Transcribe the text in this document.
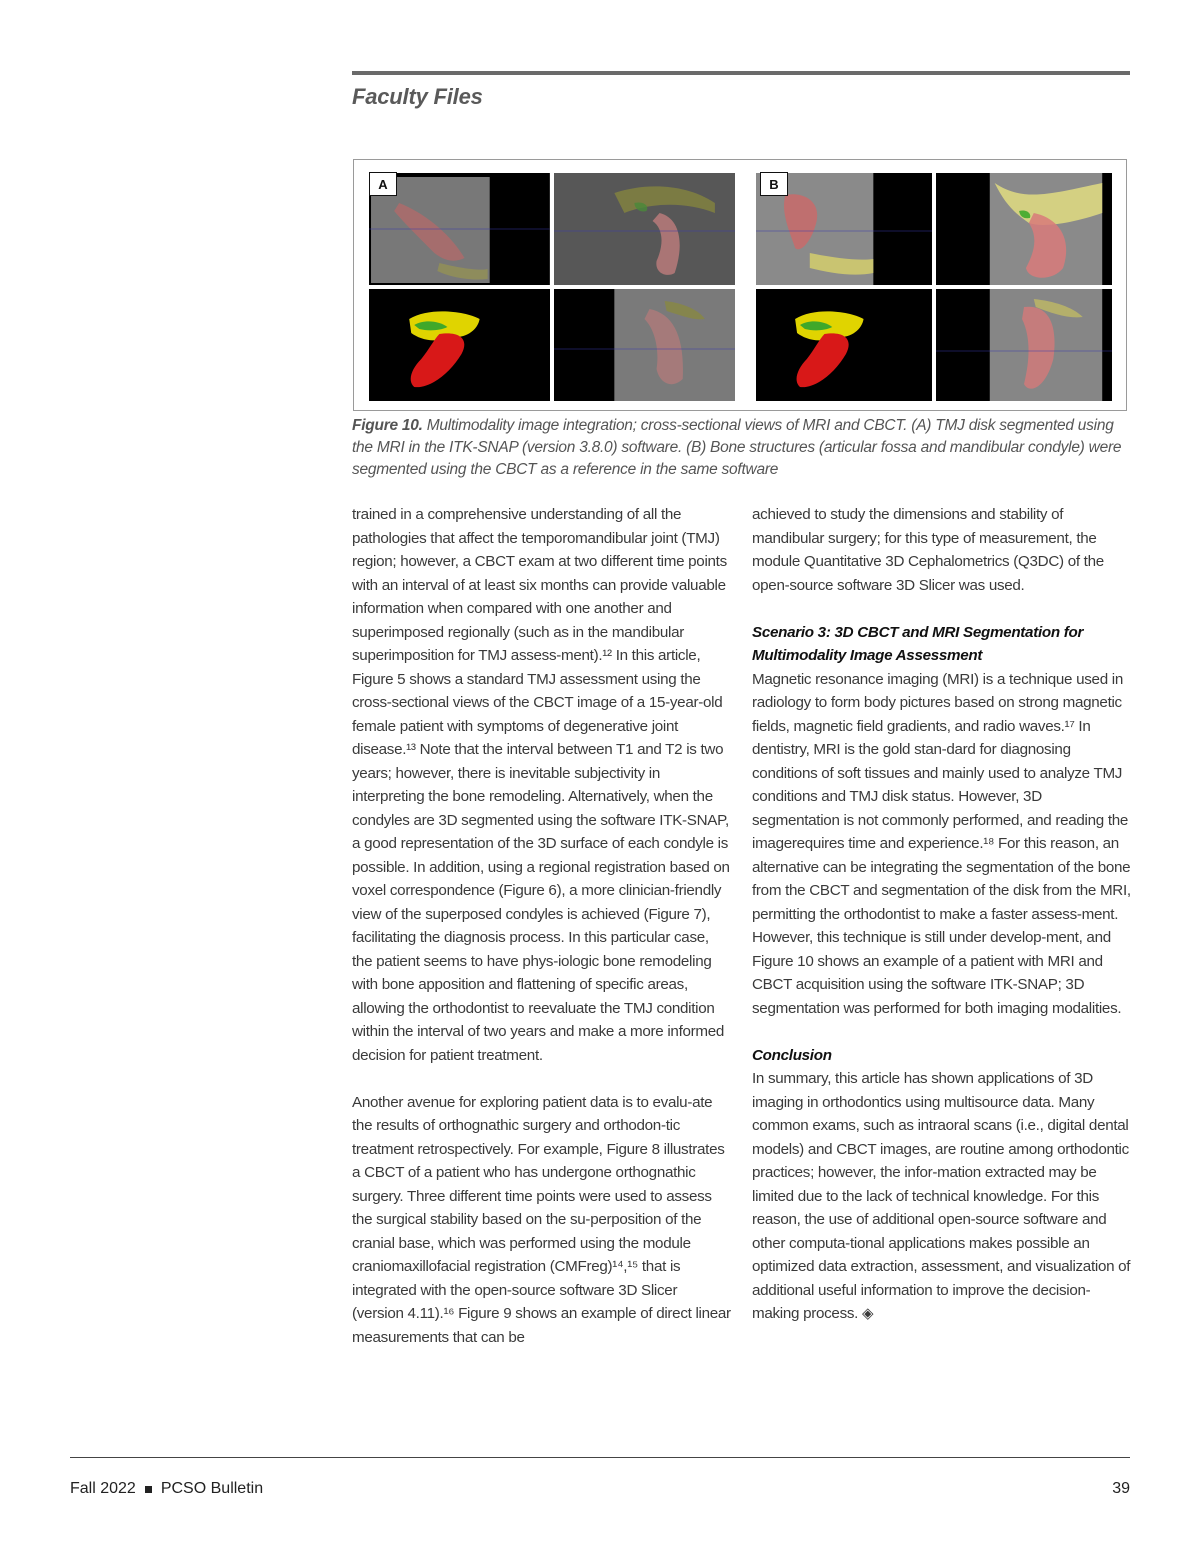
Faculty Files
A	B
Figure 10. Multimodality image integration; cross-sectional views of MRI and CBCT. (A) TMJ disk segmented using the MRI in the ITK-SNAP (version 3.8.0) software. (B) Bone structures (articular fossa and mandibular condyle) were segmented using the CBCT as a reference in the same software

trained in a comprehensive understanding of all the pathologies that affect the temporomandibular joint (TMJ) region; however, a CBCT exam at two different time points with an interval of at least six months can provide valuable information when compared with one another and superimposed regionally (such as in the mandibular superimposition for TMJ assess-ment).¹² In this article, Figure 5 shows a standard TMJ assessment using the cross-sectional views of the CBCT image of a 15-year-old female patient with symptoms of degenerative joint disease.¹³ Note that the interval between T1 and T2 is two years; however, there is inevitable subjectivity in interpreting the bone remodeling. Alternatively, when the condyles are 3D segmented using the software ITK-SNAP, a good representation of the 3D surface of each condyle is possible. In addition, using a regional registration based on voxel correspondence (Figure 6), a more clinician-friendly view of the superposed condyles is achieved (Figure 7), facilitating the diagnosis process. In this particular case, the patient seems to have phys-iologic bone remodeling with bone apposition and flattening of specific areas, allowing the orthodontist to reevaluate the TMJ condition within the interval of two years and make a more informed decision for patient treatment.

Another avenue for exploring patient data is to evalu-ate the results of orthognathic surgery and orthodon-tic treatment retrospectively. For example, Figure 8 illustrates a CBCT of a patient who has undergone orthognathic surgery. Three different time points were used to assess the surgical stability based on the su-perposition of the cranial base, which was performed using the module craniomaxillofacial registration (CMFreg)¹⁴,¹⁵ that is integrated with the open-source software 3D Slicer (version 4.11).¹⁶ Figure 9 shows an example of direct linear measurements that can be

achieved to study the dimensions and stability of mandibular surgery; for this type of measurement, the module Quantitative 3D Cephalometrics (Q3DC) of the open-source software 3D Slicer was used.

Scenario 3: 3D CBCT and MRI Segmentation for Multimodality Image Assessment

Magnetic resonance imaging (MRI) is a technique used in radiology to form body pictures based on strong magnetic fields, magnetic field gradients, and radio waves.¹⁷ In dentistry, MRI is the gold stan-dard for diagnosing conditions of soft tissues and mainly used to analyze TMJ conditions and TMJ disk status. However, 3D segmentation is not commonly performed, and reading the imagerequires time and experience.¹⁸ For this reason, an alternative can be integrating the segmentation of the bone from the CBCT and segmentation of the disk from the MRI, permitting the orthodontist to make a faster assess-ment. However, this technique is still under develop-ment, and Figure 10 shows an example of a patient with MRI and CBCT acquisition using the software ITK-SNAP; 3D segmentation was performed for both imaging modalities.

Conclusion

In summary, this article has shown applications of 3D imaging in orthodontics using multisource data. Many common exams, such as intraoral scans (i.e., digital dental models) and CBCT images, are routine among orthodontic practices; however, the infor-mation extracted may be limited due to the lack of technical knowledge. For this reason, the use of additional open-source software and other computa-tional applications makes possible an optimized data extraction, assessment, and visualization of additional useful information to improve the decision-making process. ◈

Fall 2022 PCSO Bulletin	39
